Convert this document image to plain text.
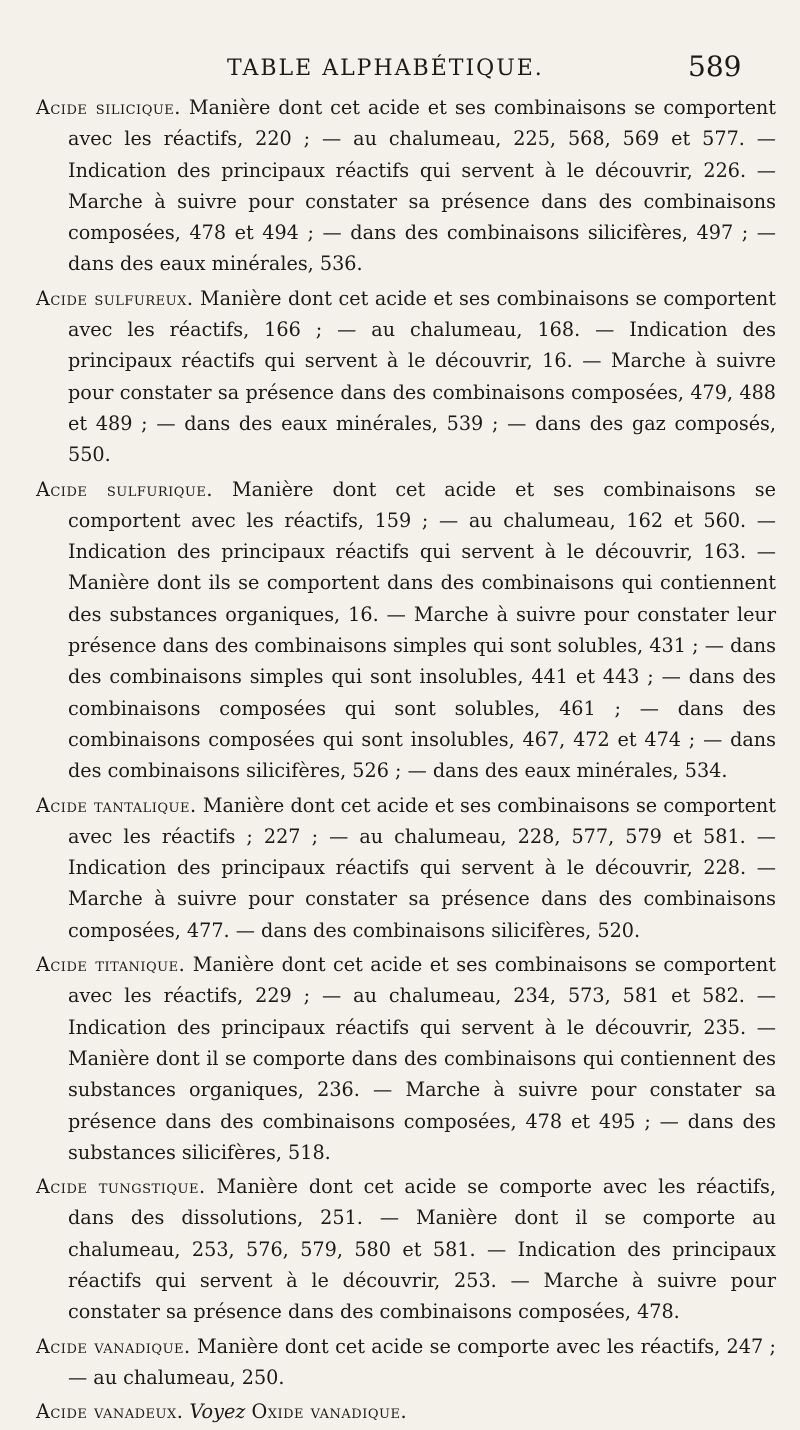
TABLE ALPHABÉTIQUE.	589

Acide silicique. Manière dont cet acide et ses combinaisons se comportent avec les réactifs, 220 ; — au chalumeau, 225, 568, 569 et 577. — Indication des principaux réactifs qui servent à le découvrir, 226. — Marche à suivre pour constater sa présence dans des combinaisons composées, 478 et 494 ; — dans des combinaisons silicifères, 497 ; — dans des eaux minérales, 536.

Acide sulfureux. Manière dont cet acide et ses combinaisons se comportent avec les réactifs, 166 ; — au chalumeau, 168. — Indication des principaux réactifs qui servent à le découvrir, 16. — Marche à suivre pour constater sa présence dans des combinaisons composées, 479, 488 et 489 ; — dans des eaux minérales, 539 ; — dans des gaz composés, 550.

Acide sulfurique. Manière dont cet acide et ses combinaisons se comportent avec les réactifs, 159 ; — au chalumeau, 162 et 560. — Indication des principaux réactifs qui servent à le découvrir, 163. — Manière dont ils se comportent dans des combinaisons qui contiennent des substances organiques, 16. — Marche à suivre pour constater leur présence dans des combinaisons simples qui sont solubles, 431 ; — dans des combinaisons simples qui sont insolubles, 441 et 443 ; — dans des combinaisons composées qui sont solubles, 461 ; — dans des combinaisons composées qui sont insolubles, 467, 472 et 474 ; — dans des combinaisons silicifères, 526 ; — dans des eaux minérales, 534.

Acide tantalique. Manière dont cet acide et ses combinaisons se comportent avec les réactifs ; 227 ; — au chalumeau, 228, 577, 579 et 581. — Indication des principaux réactifs qui servent à le découvrir, 228. — Marche à suivre pour constater sa présence dans des combinaisons composées, 477. — dans des combinaisons silicifères, 520.

Acide titanique. Manière dont cet acide et ses combinaisons se comportent avec les réactifs, 229 ; — au chalumeau, 234, 573, 581 et 582. — Indication des principaux réactifs qui servent à le découvrir, 235. — Manière dont il se comporte dans des combinaisons qui contiennent des substances organiques, 236. — Marche à suivre pour constater sa présence dans des combinaisons composées, 478 et 495 ; — dans des substances silicifères, 518.

Acide tungstique. Manière dont cet acide se comporte avec les réactifs, dans des dissolutions, 251. — Manière dont il se comporte au chalumeau, 253, 576, 579, 580 et 581. — Indication des principaux réactifs qui servent à le découvrir, 253. — Marche à suivre pour constater sa présence dans des combinaisons composées, 478.

Acide vanadique. Manière dont cet acide se comporte avec les réactifs, 247 ; — au chalumeau, 250.

Acide vanadeux. Voyez Oxide vanadique.
